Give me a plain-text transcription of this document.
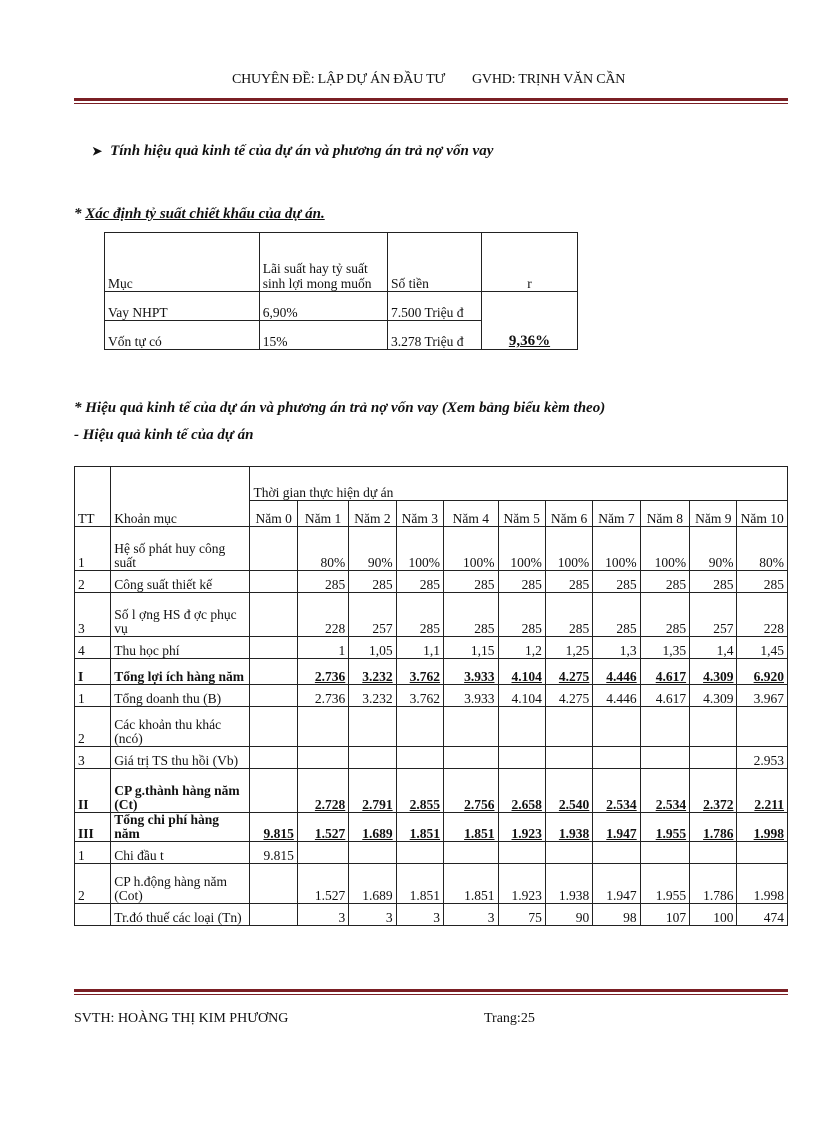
CHUYÊN ĐỀ: LẬP DỰ ÁN ĐẦU TƯ GVHD: TRỊNH VĂN CẦN
➤ Tính hiệu quả kinh tế của dự án và phương án trả nợ vốn vay
* Xác định tỷ suất chiết khấu của dự án.
Mục	Lãi suất hay tỷ suất sinh lợi mong muốn	Số tiền	r
Vay NHPT	6,90%	7.500 Triệu đ	9,36%
Vốn tự có	15%	3.278 Triệu đ	
* Hiệu quả kinh tế của dự án và phương án trả nợ vốn vay (Xem bảng biểu kèm theo)
- Hiệu quả kinh tế của dự án
TT	Khoản mục	Thời gian thực hiện dự án										
		Năm 0	Năm 1	Năm 2	Năm 3	Năm 4	Năm 5	Năm 6	Năm 7	Năm 8	Năm 9	Năm 10
1	Hệ số phát huy công suất		80%	90%	100%	100%	100%	100%	100%	100%	90%	80%
2	Công suất thiết kế		285	285	285	285	285	285	285	285	285	285
3	Số l ợng HS đ ợc phục vụ		228	257	285	285	285	285	285	285	257	228
4	Thu học phí		1	1,05	1,1	1,15	1,2	1,25	1,3	1,35	1,4	1,45
I	Tổng lợi ích hàng năm		2.736	3.232	3.762	3.933	4.104	4.275	4.446	4.617	4.309	6.920
1	Tổng doanh thu (B)		2.736	3.232	3.762	3.933	4.104	4.275	4.446	4.617	4.309	3.967
2	Các khoản thu khác (ncó)											
3	Giá trị TS thu hồi (Vb)											2.953
II	CP g.thành hàng năm (Ct)		2.728	2.791	2.855	2.756	2.658	2.540	2.534	2.534	2.372	2.211
III	Tổng chi phí hàng năm	9.815	1.527	1.689	1.851	1.851	1.923	1.938	1.947	1.955	1.786	1.998
1	Chi đầu t	9.815										
2	CP h.động hàng năm (Cot)		1.527	1.689	1.851	1.851	1.923	1.938	1.947	1.955	1.786	1.998
	Tr.đó thuế các loại (Tn)		3	3	3	3	75	90	98	107	100	474
SVTH: HOÀNG THỊ KIM PHƯƠNG	Trang:25
